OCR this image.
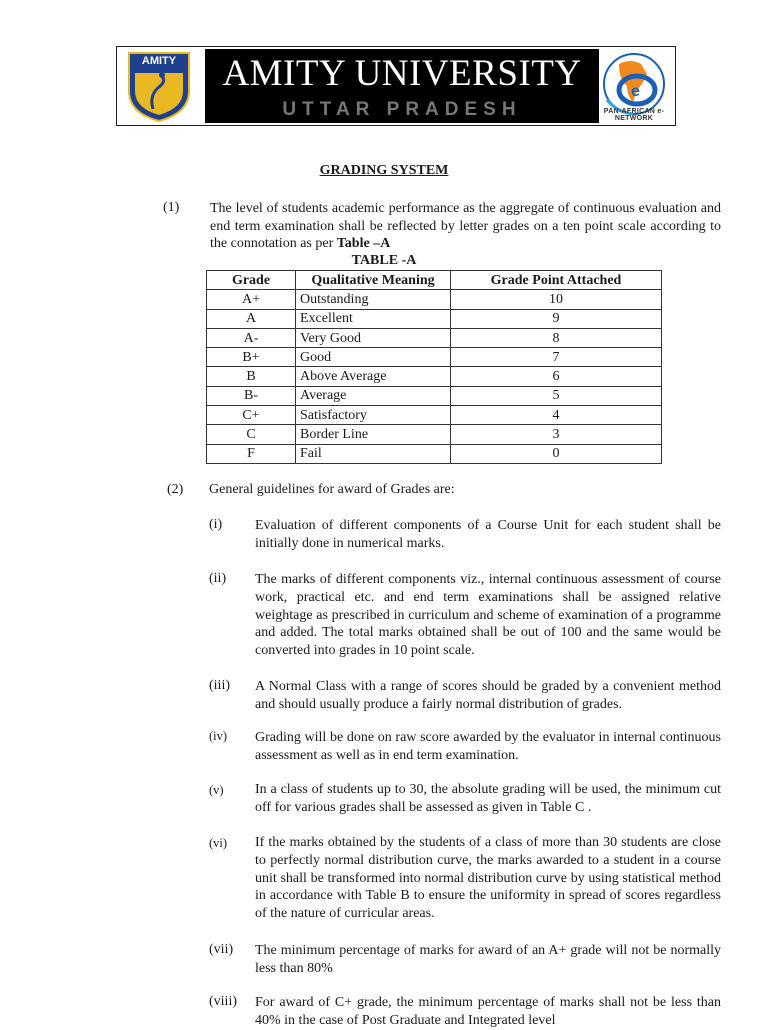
AMITY	AMITY UNIVERSITY
UTTAR PRADESH
e
PAN-AFRICAN e-NETWORK
GRADING SYSTEM
(1) The level of students academic performance as the aggregate of continuous evaluation and end term examination shall be reflected by letter grades on a ten point scale according to the connotation as per Table –A
TABLE -A
Grade	Qualitative Meaning	Grade Point Attached
A+	Outstanding	10
A	Excellent	9
A-	Very Good	8
B+	Good	7
B	Above Average	6
B-	Average	5
C+	Satisfactory	4
C	Border Line	3
F	Fail	0
(2) General guidelines for award of Grades are:
(i) Evaluation of different components of a Course Unit for each student shall be initially done in numerical marks.
(ii) The marks of different components viz., internal continuous assessment of course work, practical etc. and end term examinations shall be assigned relative weightage as prescribed in curriculum and scheme of examination of a programme and added. The total marks obtained shall be out of 100 and the same would be converted into grades in 10 point scale.
(iii) A Normal Class with a range of scores should be graded by a convenient method and should usually produce a fairly normal distribution of grades.
(iv) Grading will be done on raw score awarded by the evaluator in internal continuous assessment as well as in end term examination.
(v) In a class of students up to 30, the absolute grading will be used, the minimum cut off for various grades shall be assessed as given in Table C .
(vi) If the marks obtained by the students of a class of more than 30 students are close to perfectly normal distribution curve, the marks awarded to a student in a course unit shall be transformed into normal distribution curve by using statistical method in accordance with Table B to ensure the uniformity in spread of scores regardless of the nature of curricular areas.
(vii) The minimum percentage of marks for award of an A+ grade will not be normally less than 80%
(viii) For award of C+ grade, the minimum percentage of marks shall not be less than 40% in the case of Post Graduate and Integrated level
